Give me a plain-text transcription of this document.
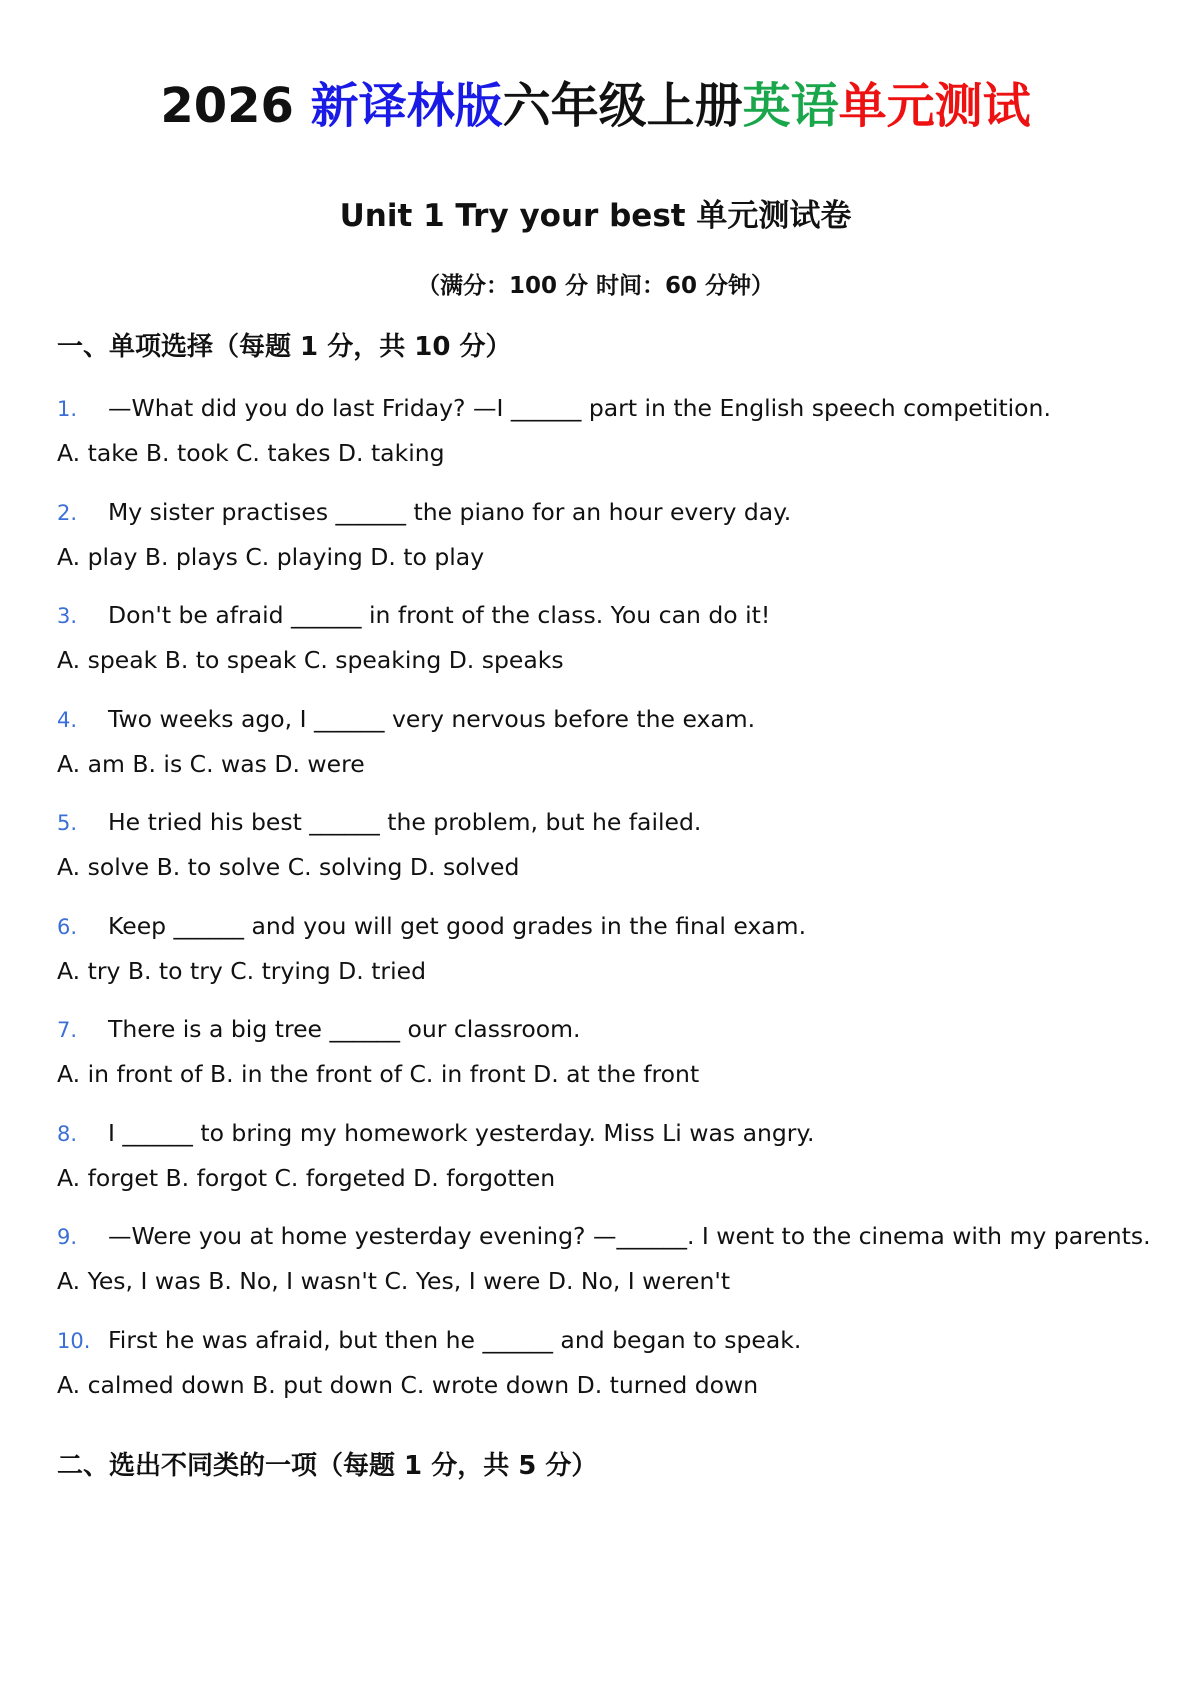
2026 新译林版六年级上册英语单元测试
Unit 1 Try your best 单元测试卷
（满分：100 分 时间：60 分钟）
一、单项选择（每题 1 分，共 10 分）
1. —What did you do last Friday? —I ______ part in the English speech competition.
A. take B. took C. takes D. taking
2. My sister practises ______ the piano for an hour every day.
A. play B. plays C. playing D. to play
3. Don't be afraid ______ in front of the class. You can do it!
A. speak B. to speak C. speaking D. speaks
4. Two weeks ago, I ______ very nervous before the exam.
A. am B. is C. was D. were
5. He tried his best ______ the problem, but he failed.
A. solve B. to solve C. solving D. solved
6. Keep ______ and you will get good grades in the final exam.
A. try B. to try C. trying D. tried
7. There is a big tree ______ our classroom.
A. in front of B. in the front of C. in front D. at the front
8. I ______ to bring my homework yesterday. Miss Li was angry.
A. forget B. forgot C. forgeted D. forgotten
9. —Were you at home yesterday evening? —______. I went to the cinema with my parents.
A. Yes, I was B. No, I wasn't C. Yes, I were D. No, I weren't
10. First he was afraid, but then he ______ and began to speak.
A. calmed down B. put down C. wrote down D. turned down
二、选出不同类的一项（每题 1 分，共 5 分）
